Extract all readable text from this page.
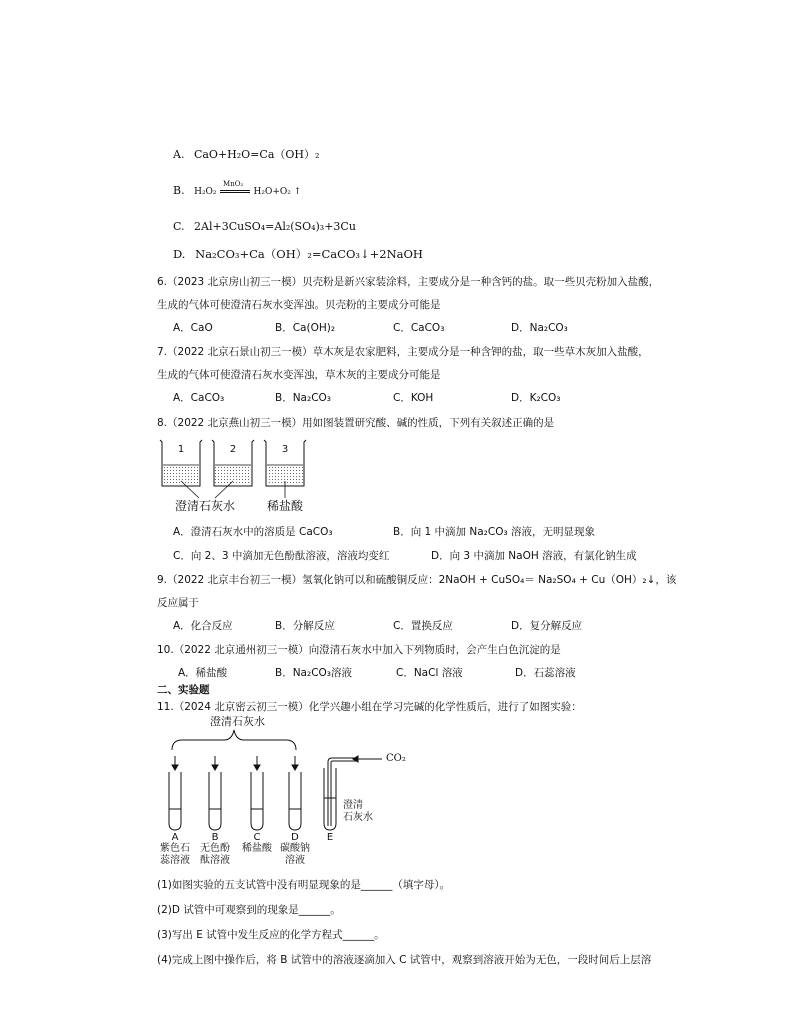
A. CaO+H₂O=Ca（OH）₂
B. H₂O₂
MnO₂
H₂O+O₂ ↑
C. 2Al+3CuSO₄=Al₂(SO₄)₃+3Cu
D. Na₂CO₃+Ca（OH）₂=CaCO₃↓+2NaOH
6.（2023 北京房山初三一模）贝壳粉是新兴家装涂料，主要成分是一种含钙的盐。取一些贝壳粉加入盐酸，
生成的气体可使澄清石灰水变浑浊。贝壳粉的主要成分可能是
A．CaO	B．Ca(OH)₂	C．CaCO₃	D．Na₂CO₃
7.（2022 北京石景山初三一模）草木灰是农家肥料，主要成分是一种含钾的盐，取一些草木灰加入盐酸，
生成的气体可使澄清石灰水变浑浊，草木灰的主要成分可能是
A．CaCO₃	B．Na₂CO₃	C．KOH	D．K₂CO₃
8.（2022 北京燕山初三一模）用如图装置研究酸、碱的性质，下列有关叙述正确的是
1	2	3
澄清石灰水	稀盐酸
A．澄清石灰水中的溶质是 CaCO₃	B．向 1 中滴加 Na₂CO₃ 溶液，无明显现象
C．向 2、3 中滴加无色酚酞溶液，溶液均变红	D．向 3 中滴加 NaOH 溶液，有氯化钠生成
9.（2022 北京丰台初三一模）氢氧化钠可以和硫酸铜反应：2NaOH + CuSO₄＝ Na₂SO₄ + Cu（OH）₂↓，该
反应属于
A．化合反应	B．分解反应	C．置换反应	D．复分解反应
10.（2022 北京通州初三一模）向澄清石灰水中加入下列物质时，会产生白色沉淀的是
A．稀盐酸	B．Na₂CO₃溶液	C．NaCl 溶液	D．石蕊溶液
二、实验题
11.（2024 北京密云初三一模）化学兴趣小组在学习完碱的化学性质后，进行了如图实验：
澄清石灰水
CO₂
澄清
石灰水
A	B	C	D	E
紫色石
蕊溶液
无色酚
酞溶液
稀盐酸 碳酸钠
溶液
(1)如图实验的五支试管中没有明显现象的是______（填字母）。
(2)D 试管中可观察到的现象是______。
(3)写出 E 试管中发生反应的化学方程式______。
(4)完成上图中操作后，将 B 试管中的溶液逐滴加入 C 试管中，观察到溶液开始为无色，一段时间后上层溶
